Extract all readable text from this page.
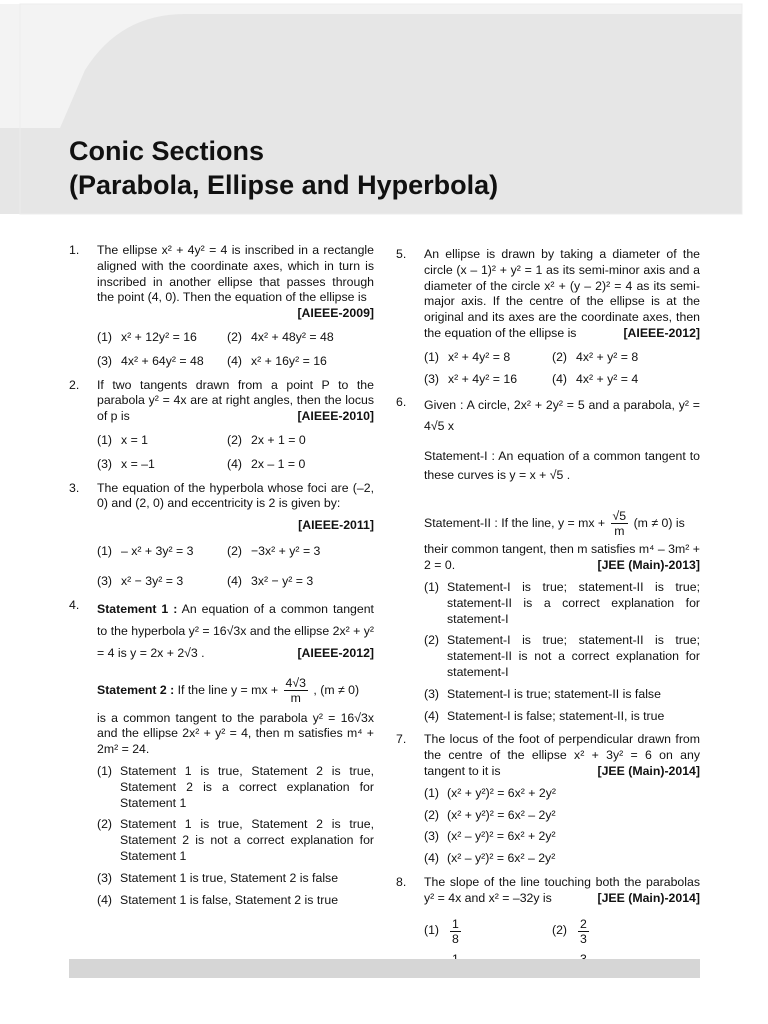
Conic Sections
(Parabola, Ellipse and Hyperbola)
1. The ellipse x² + 4y² = 4 is inscribed in a rectangle aligned with the coordinate axes, which in turn is inscribed in another ellipse that passes through the point (4, 0). Then the equation of the ellipse is
[AIEEE-2009]
(1) x² + 12y² = 16 (2) 4x² + 48y² = 48
(3) 4x² + 64y² = 48 (4) x² + 16y² = 16
2. If two tangents drawn from a point P to the parabola y² = 4x are at right angles, then the locus of p is	[AIEEE-2010]
(1) x = 1	(2) 2x + 1 = 0
(3) x = –1	(4) 2x – 1 = 0
3. The equation of the hyperbola whose foci are (–2, 0) and (2, 0) and eccentricity is 2 is given by:
[AIEEE-2011]
(1) – x² + 3y² = 3	(2) −3x² + y² = 3
(3) x² − 3y² = 3	(4) 3x² − y² = 3
4. Statement 1 : An equation of a common tangent to the hyperbola y² = 16√3x and the ellipse 2x² + y² = 4 is y = 2x + 2√3 .	[AIEEE-2012]
Statement 2 : If the line y = mx + $\frac{4√3}{m}$ , (m ≠ 0)
is a common tangent to the parabola y² = 16√3x and the ellipse 2x² + y² = 4, then m satisfies m⁴ + 2m² = 24.
(1) Statement 1 is true, Statement 2 is true, Statement 2 is a correct explanation for Statement 1
(2) Statement 1 is true, Statement 2 is true, Statement 2 is not a correct explanation for Statement 1
(3) Statement 1 is true, Statement 2 is false
(4) Statement 1 is false, Statement 2 is true
5. An ellipse is drawn by taking a diameter of the circle (x – 1)² + y² = 1 as its semi-minor axis and a diameter of the circle x² + (y – 2)² = 4 as its semi-major axis. If the centre of the ellipse is at the original and its axes are the coordinate axes, then the equation of the ellipse is	[AIEEE-2012]
(1) x² + 4y² = 8	(2) 4x² + y² = 8
(3) x² + 4y² = 16	(4) 4x² + y² = 4
6. Given : A circle, 2x² + 2y² = 5 and a parabola, y² = 4√5 x
Statement-I : An equation of a common tangent to these curves is y = x + √5 .
Statement-II : If the line, y = mx + $\frac{√5}{m} (m \ne 0)$ is
their common tangent, then m satisfies m⁴ – 3m² + 2 = 0.	[JEE (Main)-2013]
(1) Statement-I is true; statement-II is true; statement-II is a correct explanation for statement-I
(2) Statement-I is true; statement-II is true; statement-II is not a correct explanation for statement-I
(3) Statement-I is true; statement-II is false
(4) Statement-I is false; statement-II, is true
7. The locus of the foot of perpendicular drawn from the centre of the ellipse x² + 3y² = 6 on any tangent to it is	[JEE (Main)-2014]
(1) (x² + y²)² = 6x² + 2y²
(2) (x² + y²)² = 6x² – 2y²
(3) (x² – y²)² = 6x² + 2y²
(4) (x² – y²)² = 6x² – 2y²
8. The slope of the line touching both the parabolas y² = 4x and x² = –32y is	[JEE (Main)-2014]
$(1) \frac{1}{8}$	$(2) \frac{2}{3}$
